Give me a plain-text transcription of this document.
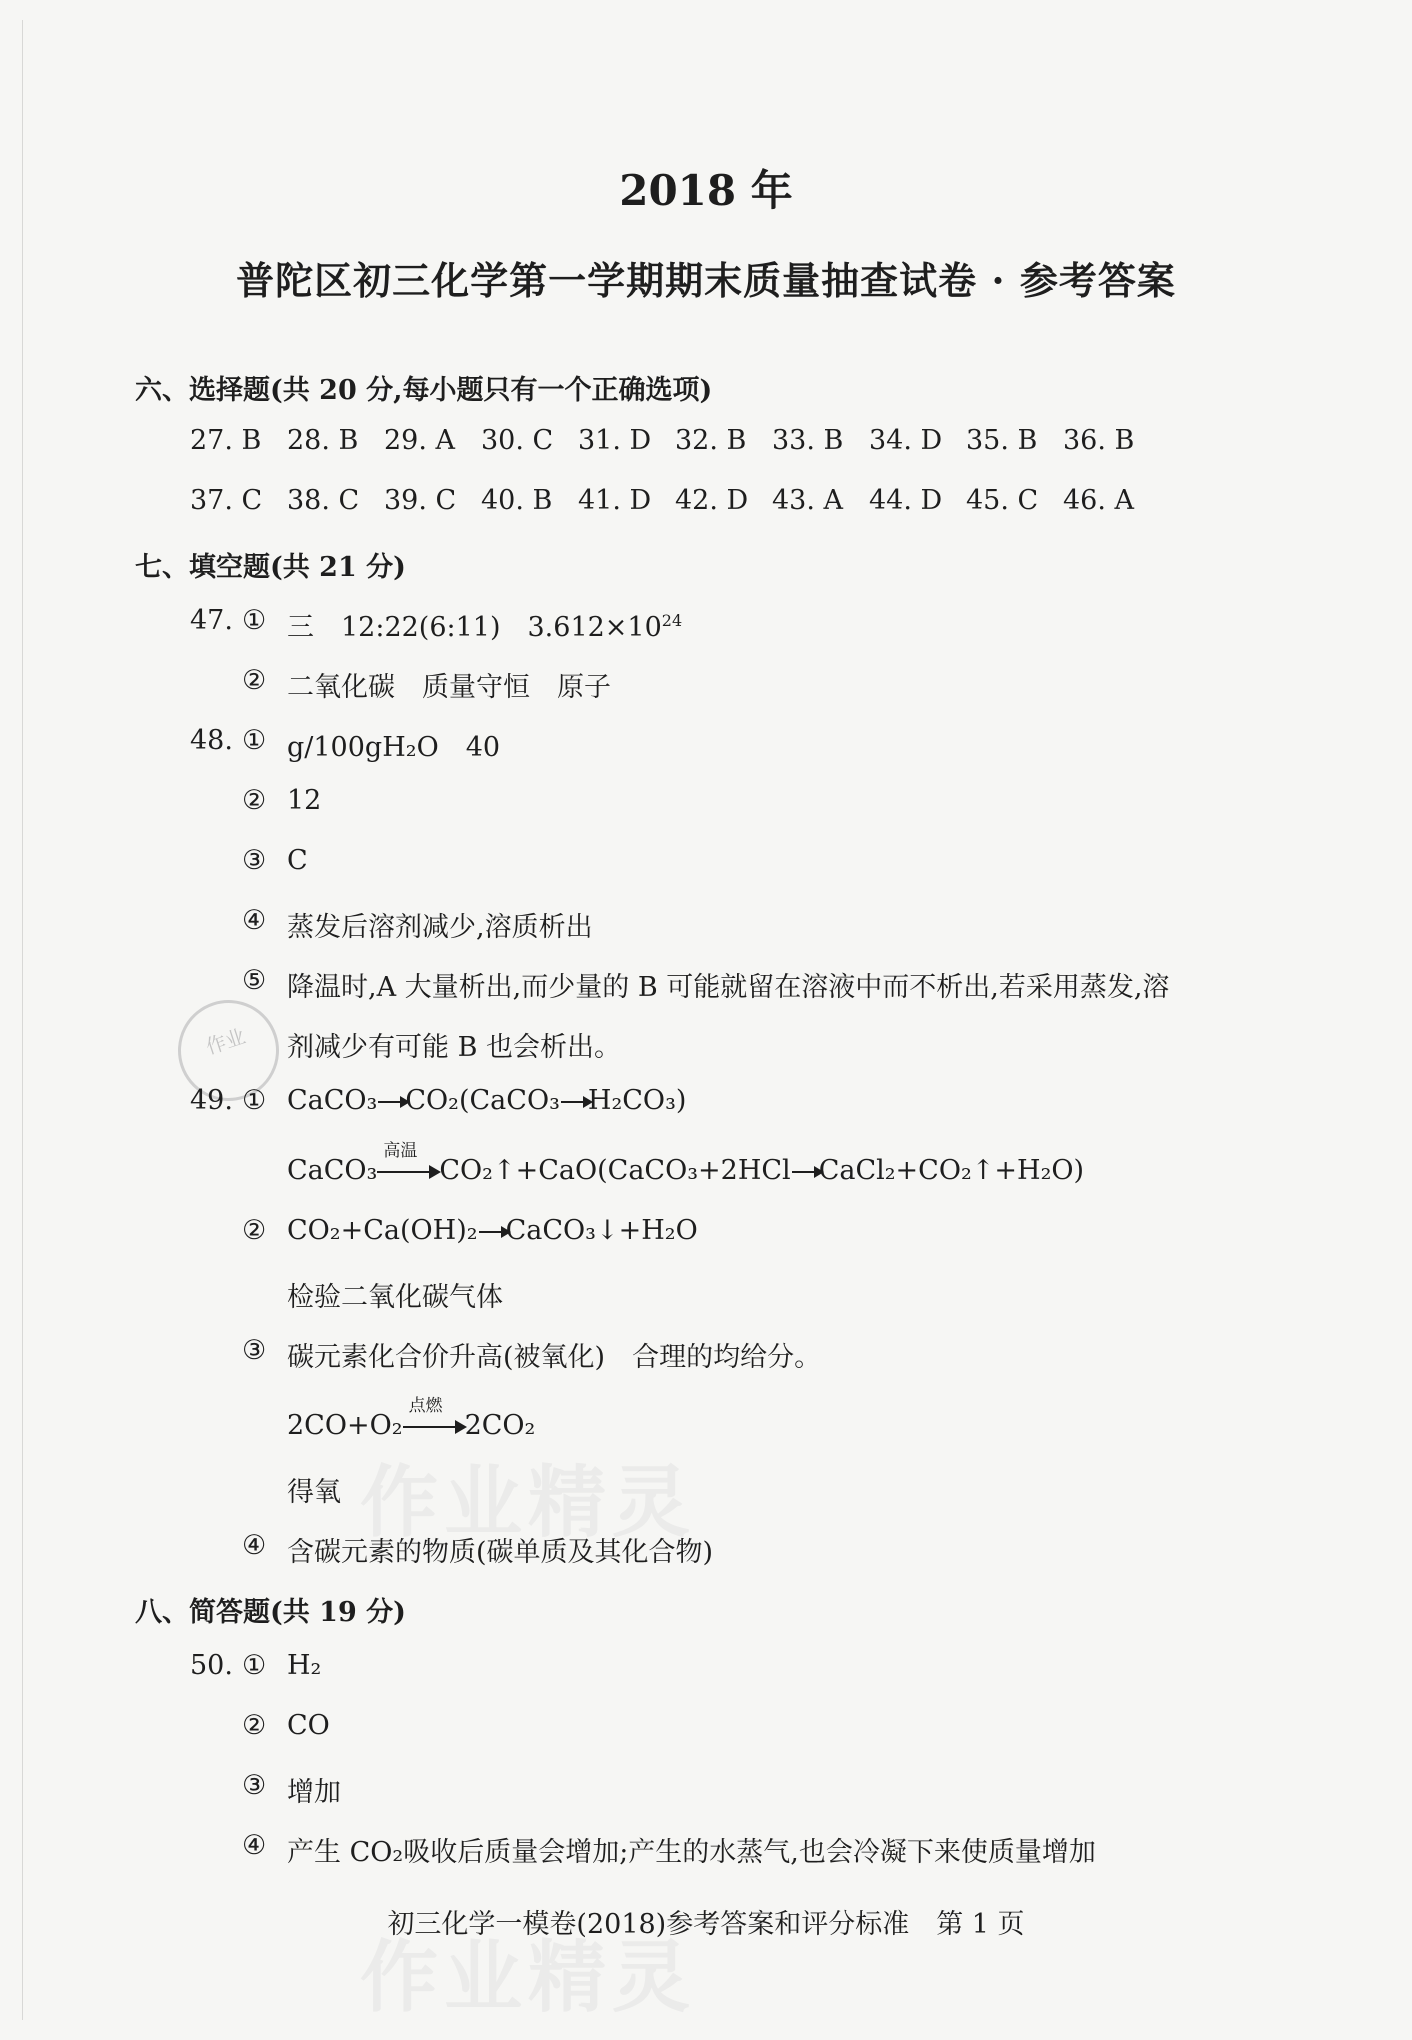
作业精灵
作业精灵
作业
2018 年
普陀区初三化学第一学期期末质量抽查试卷 · 参考答案
六、选择题(共 20 分,每小题只有一个正确选项)
27. B 28. B 29. A 30. C 31. D 32. B 33. B 34. D 35. B 36. B
37. C 38. C 39. C 40. B 41. D 42. D 43. A 44. D 45. C 46. A
七、填空题(共 21 分)
47. ① 三　12:22(6:11)　$3.612\times 10^{24}$
② 二氧化碳　质量守恒　原子
48. ① g/100gH₂O　40
② 12
③ C
④ 蒸发后溶剂减少,溶质析出
⑤ 降温时,A 大量析出,而少量的 B 可能就留在溶液中而不析出,若采用蒸发,溶
剂减少有可能 B 也会析出。
49. ① CaCO₃ CO₂(CaCO₃ H₂CO₃)
CaCO₃
高温
CO₂↑+CaO(CaCO₃+2HCl CaCl₂+CO₂↑+H₂O)
② CO₂+Ca(OH)₂ CaCO₃↓+H₂O
检验二氧化碳气体
③ 碳元素化合价升高(被氧化)　合理的均给分。
2CO+O₂
点燃
2CO₂
得氧
④ 含碳元素的物质(碳单质及其化合物)
八、简答题(共 19 分)
50. ① H₂
② CO
③ 增加
④ 产生 CO₂吸收后质量会增加;产生的水蒸气,也会冷凝下来使质量增加
初三化学一模卷(2018)参考答案和评分标准　第 1 页
